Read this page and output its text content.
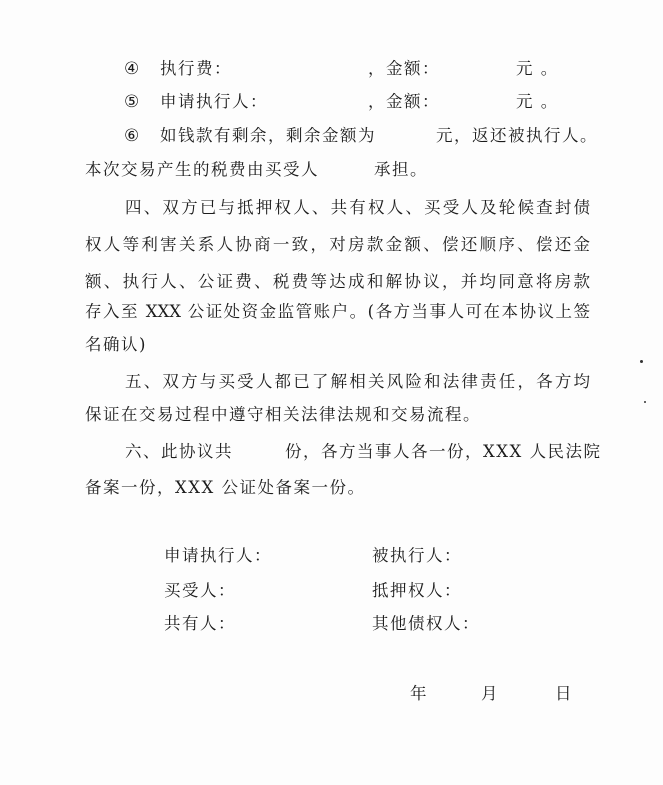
④ 执行费：	，金额：	元 。
⑤ 申请执行人：	，金额：	元 。
⑥ 如钱款有剩余，剩余金额为	元，返还被执行人。
本次交易产生的税费由买受人	承担。
四、双方已与抵押权人、共有权人、买受人及轮候查封债
权人等利害关系人协商一致，对房款金额、偿还顺序、偿还金
额、执行人、公证费、税费等达成和解协议，并均同意将房款
存入至 XXX 公证处资金监管账户。(各方当事人可在本协议上签
名确认)
五、双方与买受人都已了解相关风险和法律责任，各方均
保证在交易过程中遵守相关法律法规和交易流程。
六、此协议共	份，各方当事人各一份，XXX 人民法院
备案一份，XXX 公证处备案一份。
申请执行人：	被执行人：
买受人：	抵押权人：
共有人：	其他债权人：
年	月	日
